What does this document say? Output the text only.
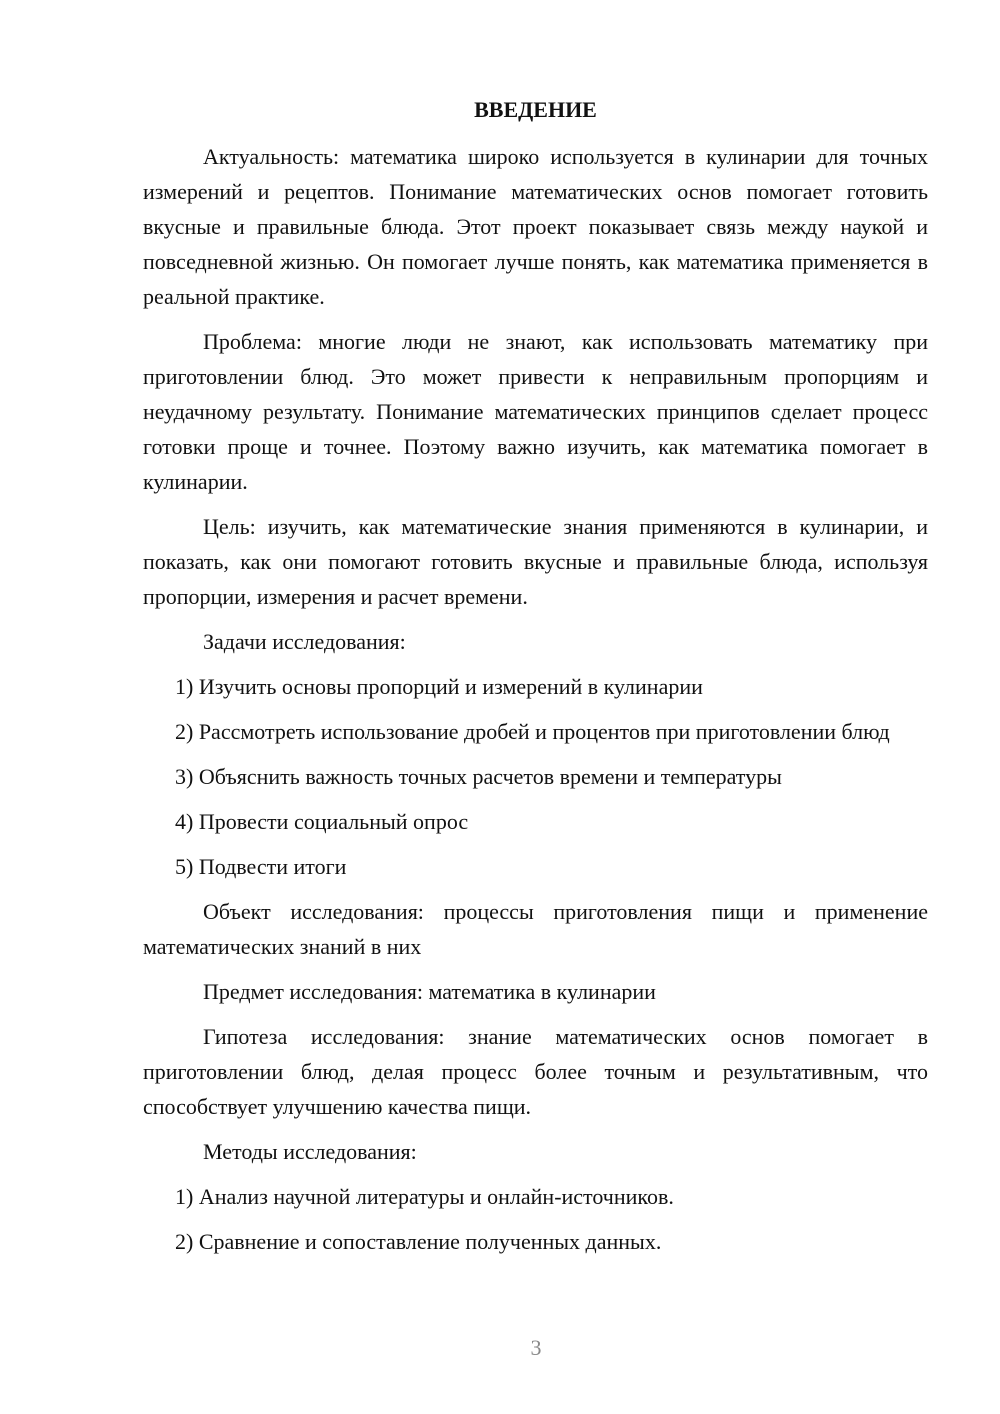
ВВЕДЕНИЕ

Актуальность: математика широко используется в кулинарии для точных измерений и рецептов. Понимание математических основ помогает готовить вкусные и правильные блюда. Этот проект показывает связь между наукой и повседневной жизнью. Он помогает лучше понять, как математика применяется в реальной практике.

Проблема: многие люди не знают, как использовать математику при приготовлении блюд. Это может привести к неправильным пропорциям и неудачному результату. Понимание математических принципов сделает процесс готовки проще и точнее. Поэтому важно изучить, как математика помогает в кулинарии.

Цель: изучить, как математические знания применяются в кулинарии, и показать, как они помогают готовить вкусные и правильные блюда, используя пропорции, измерения и расчет времени.

Задачи исследования:

1) Изучить основы пропорций и измерений в кулинарии

2) Рассмотреть использование дробей и процентов при приготовлении блюд

3) Объяснить важность точных расчетов времени и температуры

4) Провести социальный опрос

5) Подвести итоги

Объект исследования: процессы приготовления пищи и применение математических знаний в них

Предмет исследования: математика в кулинарии

Гипотеза исследования: знание математических основ помогает в приготовлении блюд, делая процесс более точным и результативным, что способствует улучшению качества пищи.

Методы исследования:

1) Анализ научной литературы и онлайн-источников.

2) Сравнение и сопоставление полученных данных.

3
